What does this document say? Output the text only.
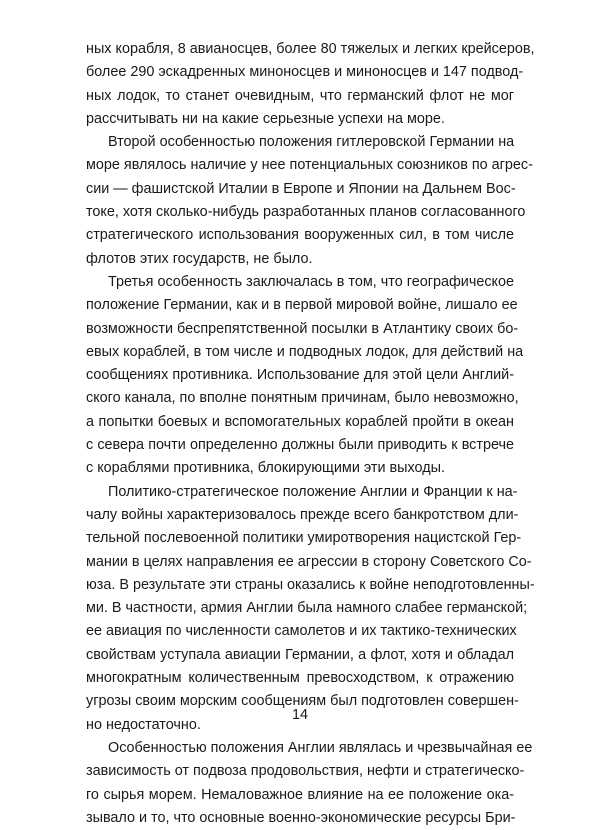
ных корабля, 8 авианосцев, более 80 тяжелых и легких крейсеров,
более 290 эскадренных миноносцев и миноносцев и 147 подвод-
ных лодок, то станет очевидным, что германский флот не мог
рассчитывать ни на какие серьезные успехи на море.
Второй особенностью положения гитлеровской Германии на
море являлось наличие у нее потенциальных союзников по агрес-
сии — фашистской Италии в Европе и Японии на Дальнем Вос-
токе, хотя сколько-нибудь разработанных планов согласованного
стратегического использования вооруженных сил, в том числе
флотов этих государств, не было.
Третья особенность заключалась в том, что географическое
положение Германии, как и в первой мировой войне, лишало ее
возможности беспрепятственной посылки в Атлантику своих бо-
евых кораблей, в том числе и подводных лодок, для действий на
сообщениях противника. Использование для этой цели Англий-
ского канала, по вполне понятным причинам, было невозможно,
а попытки боевых и вспомогательных кораблей пройти в океан
с севера почти определенно должны были приводить к встрече
с кораблями противника, блокирующими эти выходы.
Политико-стратегическое положение Англии и Франции к на-
чалу войны характеризовалось прежде всего банкротством дли-
тельной послевоенной политики умиротворения нацистской Гер-
мании в целях направления ее агрессии в сторону Советского Со-
юза. В результате эти страны оказались к войне неподготовленны-
ми. В частности, армия Англии была намного слабее германской;
ее авиация по численности самолетов и их тактико-технических
свойствам уступала авиации Германии, а флот, хотя и обладал
многократным количественным превосходством, к отражению
угрозы своим морским сообщениям был подготовлен совершен-
но недостаточно.
Особенностью положения Англии являлась и чрезвычайная ее
зависимость от подвоза продовольствия, нефти и стратегическо-
го сырья морем. Немаловажное влияние на ее положение ока-
зывало и то, что основные военно-экономические ресурсы Бри-
14
